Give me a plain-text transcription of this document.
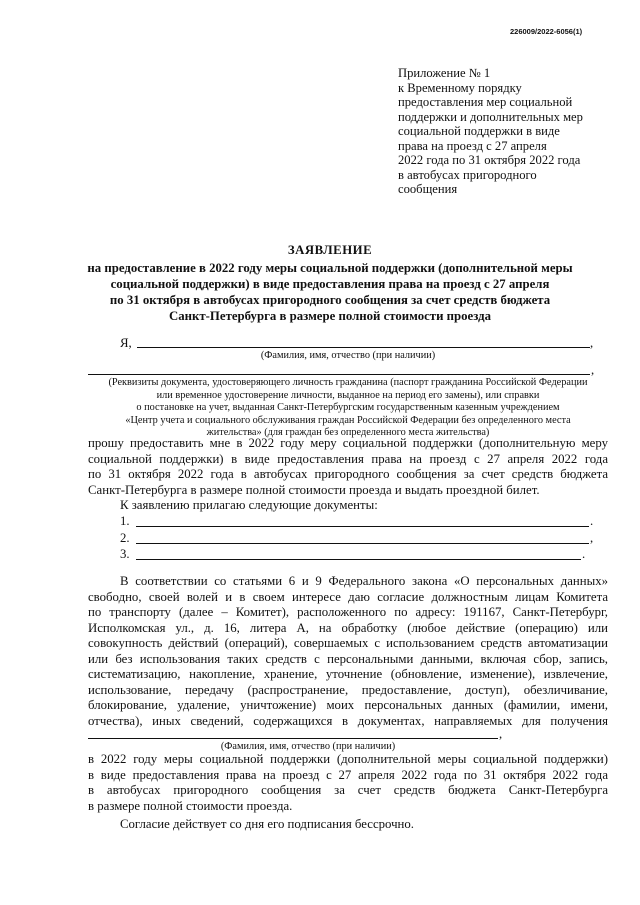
226009/2022-6056(1)
Приложение № 1
к Временному порядку
предоставления мер социальной
поддержки и дополнительных мер
социальной поддержки в виде
права на проезд с 27 апреля
2022 года по 31 октября 2022 года
в автобусах пригородного
сообщения
ЗАЯВЛЕНИЕ
на предоставление в 2022 году меры социальной поддержки (дополнительной меры
социальной поддержки) в виде предоставления права на проезд с 27 апреля
по 31 октября в автобусах пригородного сообщения за счет средств бюджета
Санкт-Петербурга в размере полной стоимости проезда
Я,	,
(Фамилия, имя, отчество (при наличии)
,
(Реквизиты документа, удостоверяющего личность гражданина (паспорт гражданина Российской Федерации
или временное удостоверение личности, выданное на период его замены), или справки
о постановке на учет, выданная Санкт-Петербургским государственным казенным учреждением
«Центр учета и социального обслуживания граждан Российской Федерации без определенного места
жительства» (для граждан без определенного места жительства)
прошу предоставить мне в 2022 году меру социальной поддержки (дополнительную меру
социальной поддержки) в виде предоставления права на проезд с 27 апреля 2022 года
по 31 октября 2022 года в автобусах пригородного сообщения за счет средств бюджета
Санкт-Петербурга в размере полной стоимости проезда и выдать проездной билет.
К заявлению прилагаю следующие документы:
1.	.
2.	,
3.	.
В соответствии со статьями 6 и 9 Федерального закона «О персональных данных»
свободно, своей волей и в своем интересе даю согласие должностным лицам Комитета
по транспорту (далее – Комитет), расположенного по адресу: 191167, Санкт-Петербург,
Исполкомская ул., д. 16, литера А, на обработку (любое действие (операцию) или
совокупность действий (операций), совершаемых с использованием средств автоматизации
или без использования таких средств с персональными данными, включая сбор, запись,
систематизацию, накопление, хранение, уточнение (обновление, изменение), извлечение,
использование, передачу (распространение, предоставление, доступ), обезличивание,
блокирование, удаление, уничтожение) моих персональных данных (фамилии, имени,
отчества), иных сведений, содержащихся в документах, направляемых для получения
,
(Фамилия, имя, отчество (при наличии)
в 2022 году меры социальной поддержки (дополнительной меры социальной поддержки)
в виде предоставления права на проезд с 27 апреля 2022 года по 31 октября 2022 года
в автобусах пригородного сообщения за счет средств бюджета Санкт-Петербурга
в размере полной стоимости проезда.
Согласие действует со дня его подписания бессрочно.
